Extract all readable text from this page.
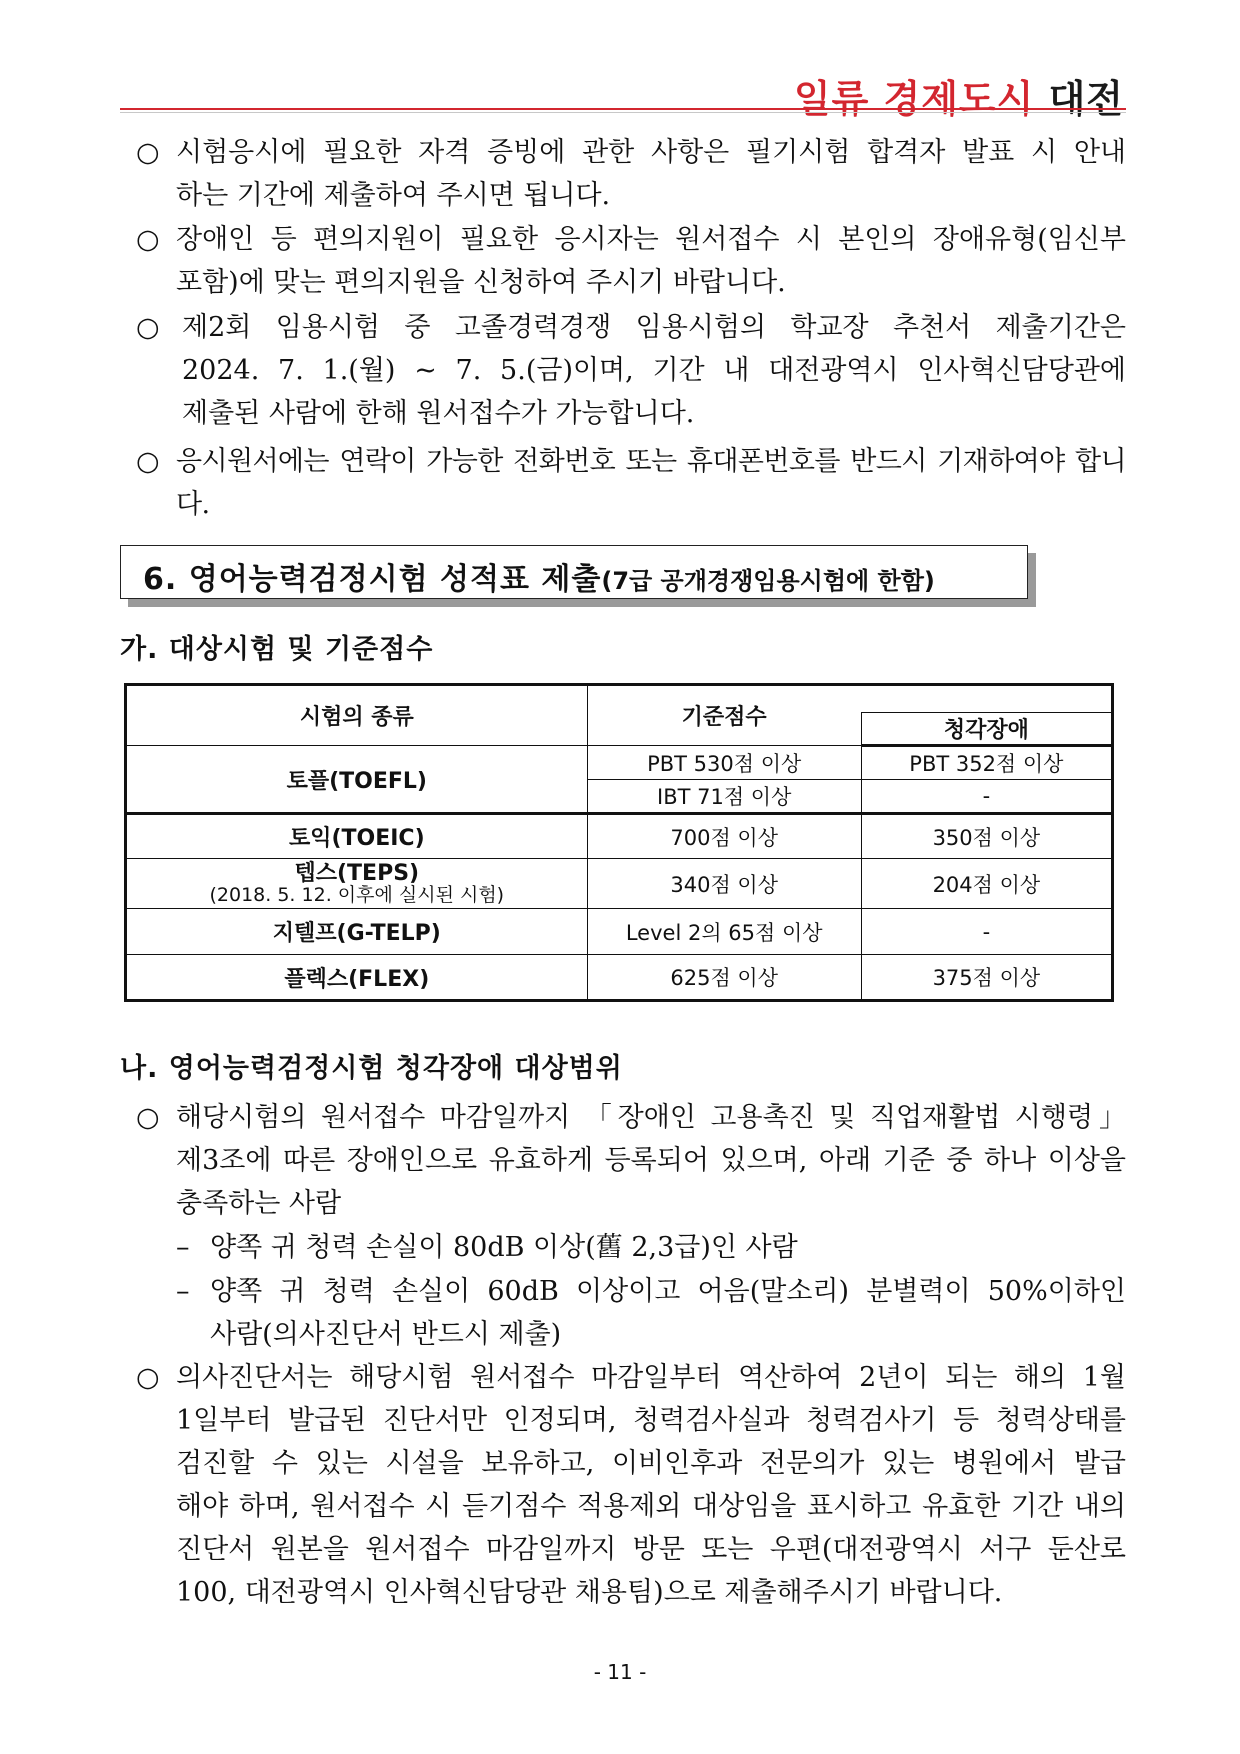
일류 경제도시 대전
○ 시험응시에 필요한 자격 증빙에 관한 사항은 필기시험 합격자 발표 시 안내
하는 기간에 제출하여 주시면 됩니다.
○ 장애인 등 편의지원이 필요한 응시자는 원서접수 시 본인의 장애유형(임신부
포함)에 맞는 편의지원을 신청하여 주시기 바랍니다.
○ 제2회 임용시험 중 고졸경력경쟁 임용시험의 학교장 추천서 제출기간은
2024. 7. 1.(월) ~ 7. 5.(금)이며, 기간 내 대전광역시 인사혁신담당관에
제출된 사람에 한해 원서접수가 가능합니다.
○ 응시원서에는 연락이 가능한 전화번호 또는 휴대폰번호를 반드시 기재하여야 합니다.
6. 영어능력검정시험 성적표 제출(7급 공개경쟁임용시험에 한함)
가. 대상시험 및 기준점수
시험의 종류	기준점수	
		청각장애
토플(TOEFL)	PBT 530점 이상	PBT 352점 이상
	IBT 71점 이상	-
토익(TOEIC)	700점 이상	350점 이상

텝스(TEPS)
(2018. 5. 12. 이후에 실시된 시험)	340점 이상	204점 이상
지텔프(G-TELP)	Level 2의 65점 이상	-
플렉스(FLEX)	625점 이상	375점 이상
나. 영어능력검정시험 청각장애 대상범위
○ 해당시험의 원서접수 마감일까지 「장애인 고용촉진 및 직업재활법 시행령」
제3조에 따른 장애인으로 유효하게 등록되어 있으며, 아래 기준 중 하나 이상을
충족하는 사람
– 양쪽 귀 청력 손실이 80dB 이상(舊 2,3급)인 사람
– 양쪽 귀 청력 손실이 60dB 이상이고 어음(말소리) 분별력이 50%이하인
사람(의사진단서 반드시 제출)
○ 의사진단서는 해당시험 원서접수 마감일부터 역산하여 2년이 되는 해의 1월
1일부터 발급된 진단서만 인정되며, 청력검사실과 청력검사기 등 청력상태를
검진할 수 있는 시설을 보유하고, 이비인후과 전문의가 있는 병원에서 발급
해야 하며, 원서접수 시 듣기점수 적용제외 대상임을 표시하고 유효한 기간 내의
진단서 원본을 원서접수 마감일까지 방문 또는 우편(대전광역시 서구 둔산로
100, 대전광역시 인사혁신담당관 채용팀)으로 제출해주시기 바랍니다.
- 11 -
